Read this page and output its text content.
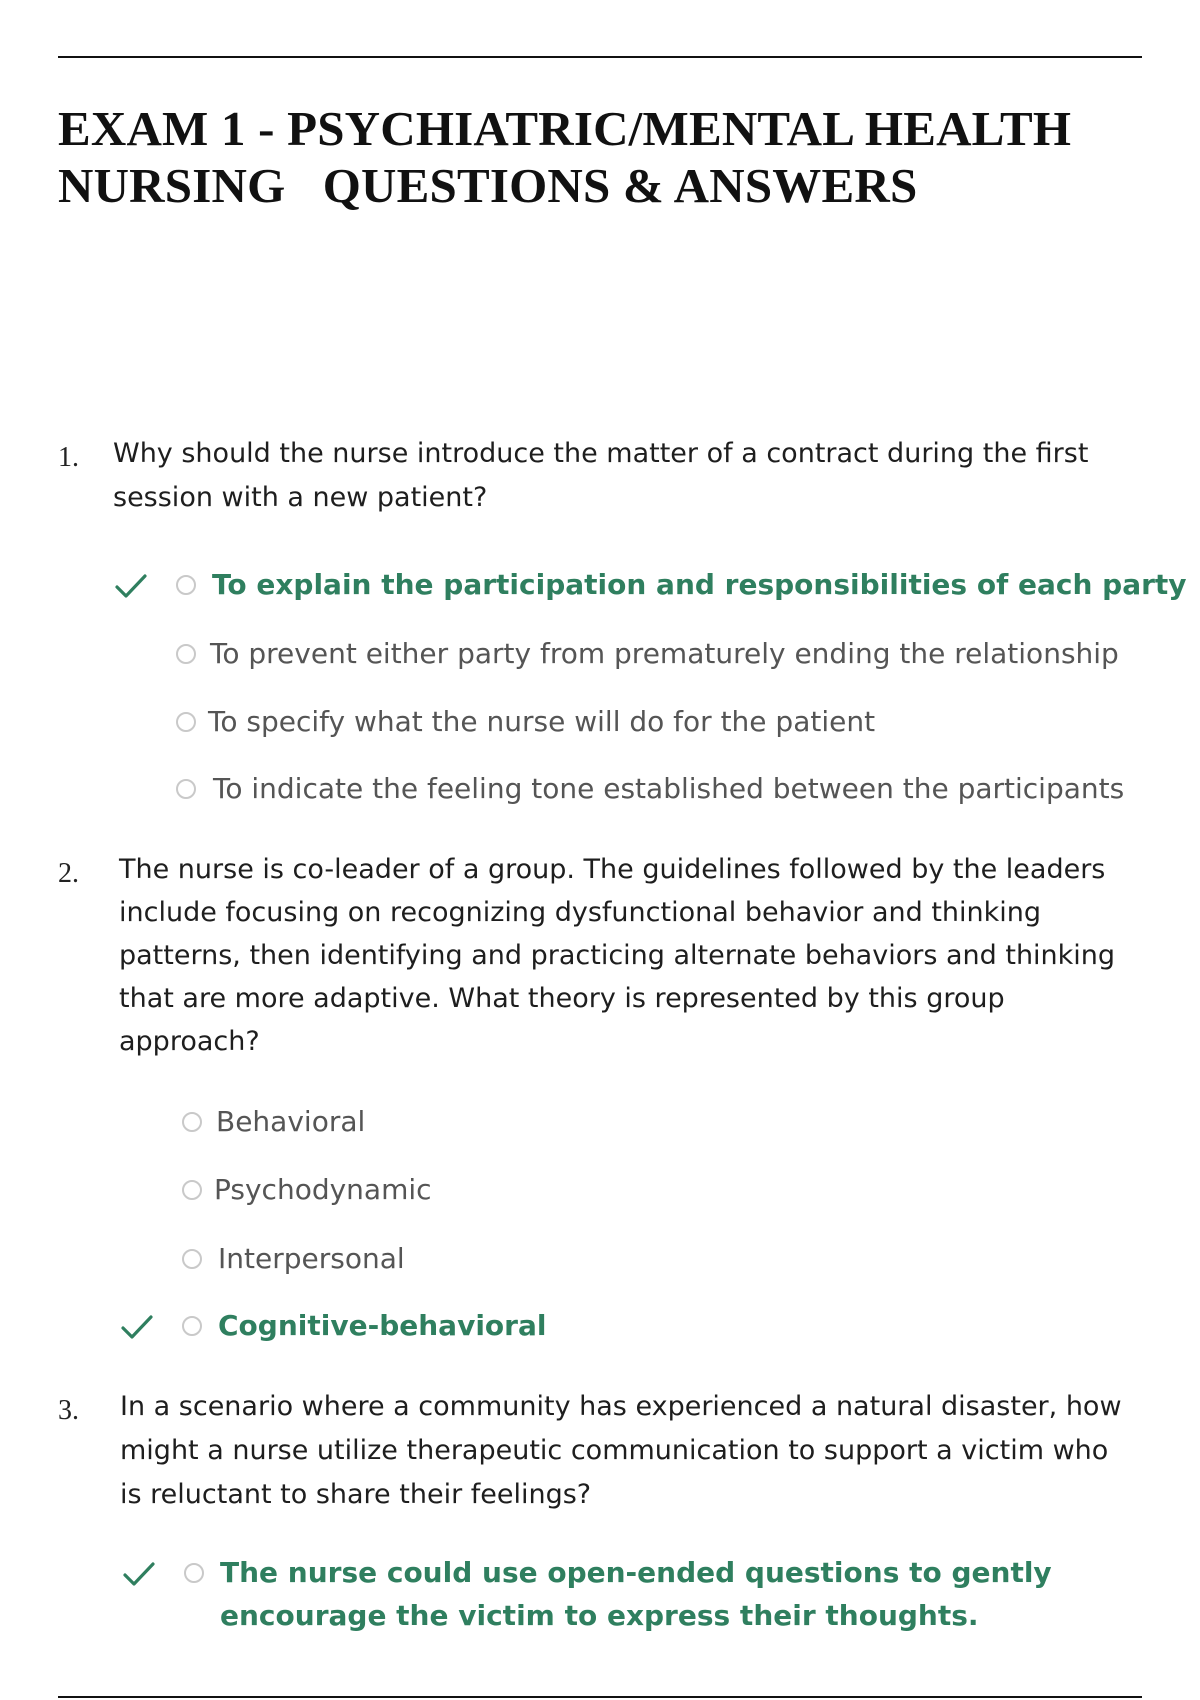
EXAM 1 - PSYCHIATRIC/MENTAL HEALTH
NURSING   QUESTIONS & ANSWERS
1. Why should the nurse introduce the matter of a contract during the first
session with a new patient?
To explain the participation and responsibilities of each party
To prevent either party from prematurely ending the relationship
To specify what the nurse will do for the patient
To indicate the feeling tone established between the participants
2. The nurse is co-leader of a group. The guidelines followed by the leaders
include focusing on recognizing dysfunctional behavior and thinking
patterns, then identifying and practicing alternate behaviors and thinking
that are more adaptive. What theory is represented by this group
approach?
Behavioral
Psychodynamic
Interpersonal
Cognitive-behavioral
3. In a scenario where a community has experienced a natural disaster, how
might a nurse utilize therapeutic communication to support a victim who
is reluctant to share their feelings?
The nurse could use open-ended questions to gently
encourage the victim to express their thoughts.
